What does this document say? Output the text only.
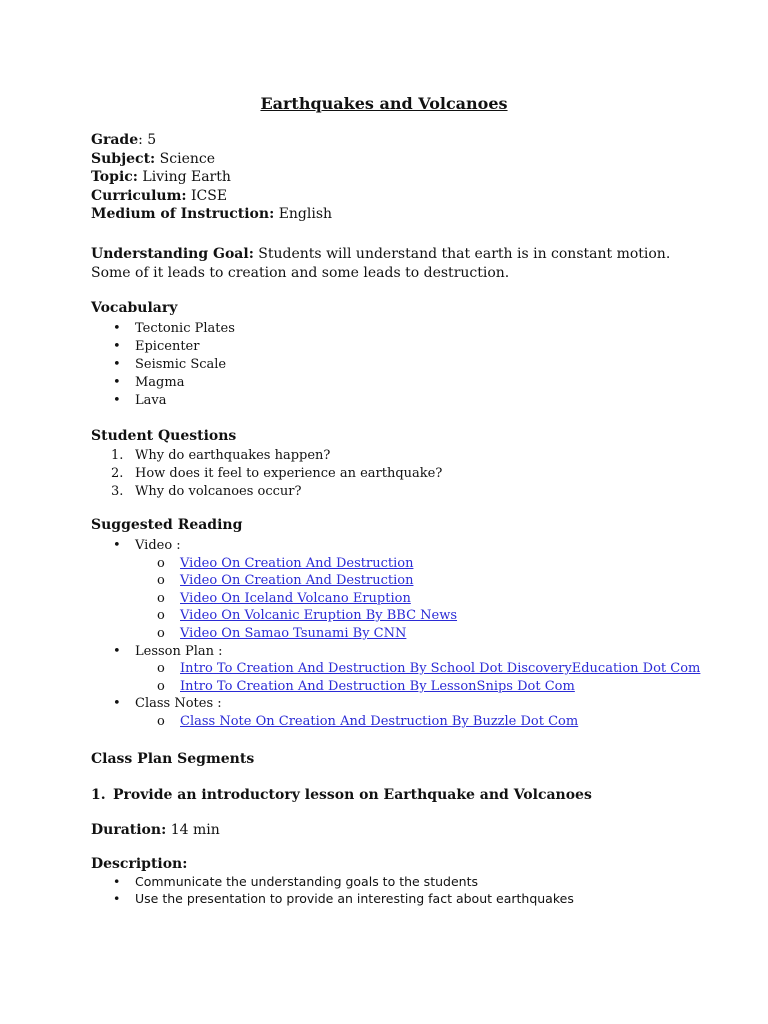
Earthquakes and Volcanoes
Grade: 5
Subject: Science
Topic: Living Earth
Curriculum: ICSE
Medium of Instruction: English
Understanding Goal: Students will understand that earth is in constant motion. Some of it leads to creation and some leads to destruction.
Vocabulary
• Tectonic Plates
• Epicenter
• Seismic Scale
• Magma
• Lava
Student Questions
1. Why do earthquakes happen?
2. How does it feel to experience an earthquake?
3. Why do volcanoes occur?
Suggested Reading
• Video :
o Video On Creation And Destruction
o Video On Creation And Destruction
o Video On Iceland Volcano Eruption
o Video On Volcanic Eruption By BBC News
o Video On Samao Tsunami By CNN
• Lesson Plan :
o Intro To Creation And Destruction By School Dot DiscoveryEducation Dot Com
o Intro To Creation And Destruction By LessonSnips Dot Com
• Class Notes :
o Class Note On Creation And Destruction By Buzzle Dot Com
Class Plan Segments
1. Provide an introductory lesson on Earthquake and Volcanoes
Duration: 14 min
Description:
• Communicate the understanding goals to the students
• Use the presentation to provide an interesting fact about earthquakes
